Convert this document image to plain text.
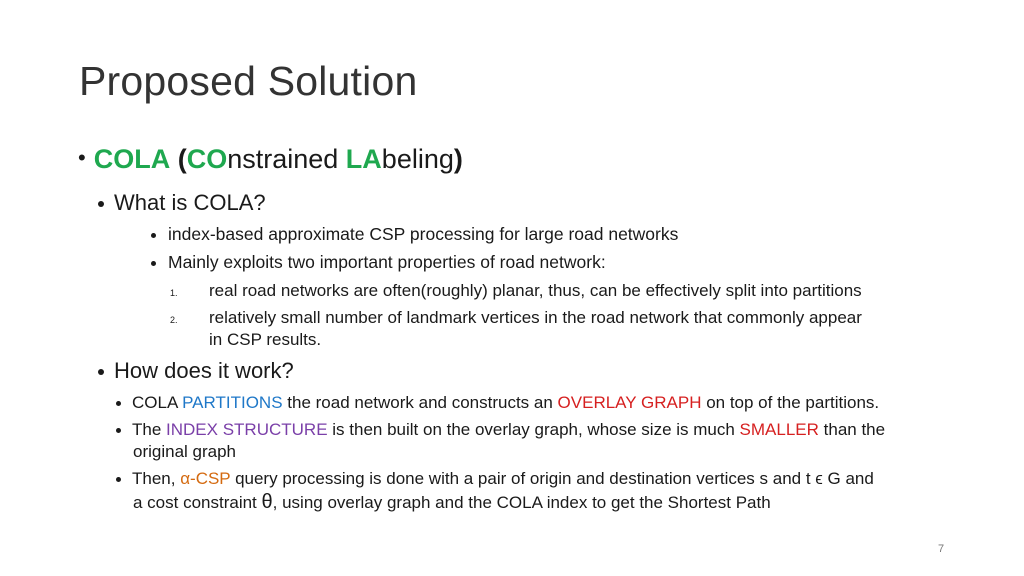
Proposed Solution
• COLA (COnstrained LAbeling)
What is COLA?
index-based approximate CSP processing for large road networks
Mainly exploits two important properties of road network:
1. real road networks are often(roughly) planar, thus, can be effectively split into partitions
2. relatively small number of landmark vertices in the road network that commonly appear
in CSP results.
How does it work?
COLA PARTITIONS the road network and constructs an OVERLAY GRAPH on top of the partitions.
The INDEX STRUCTURE is then built on the overlay graph, whose size is much SMALLER than the
original graph
Then, α-CSP query processing is done with a pair of origin and destination vertices s and t ϵ G and
a cost constraint θ, using overlay graph and the COLA index to get the Shortest Path
7
